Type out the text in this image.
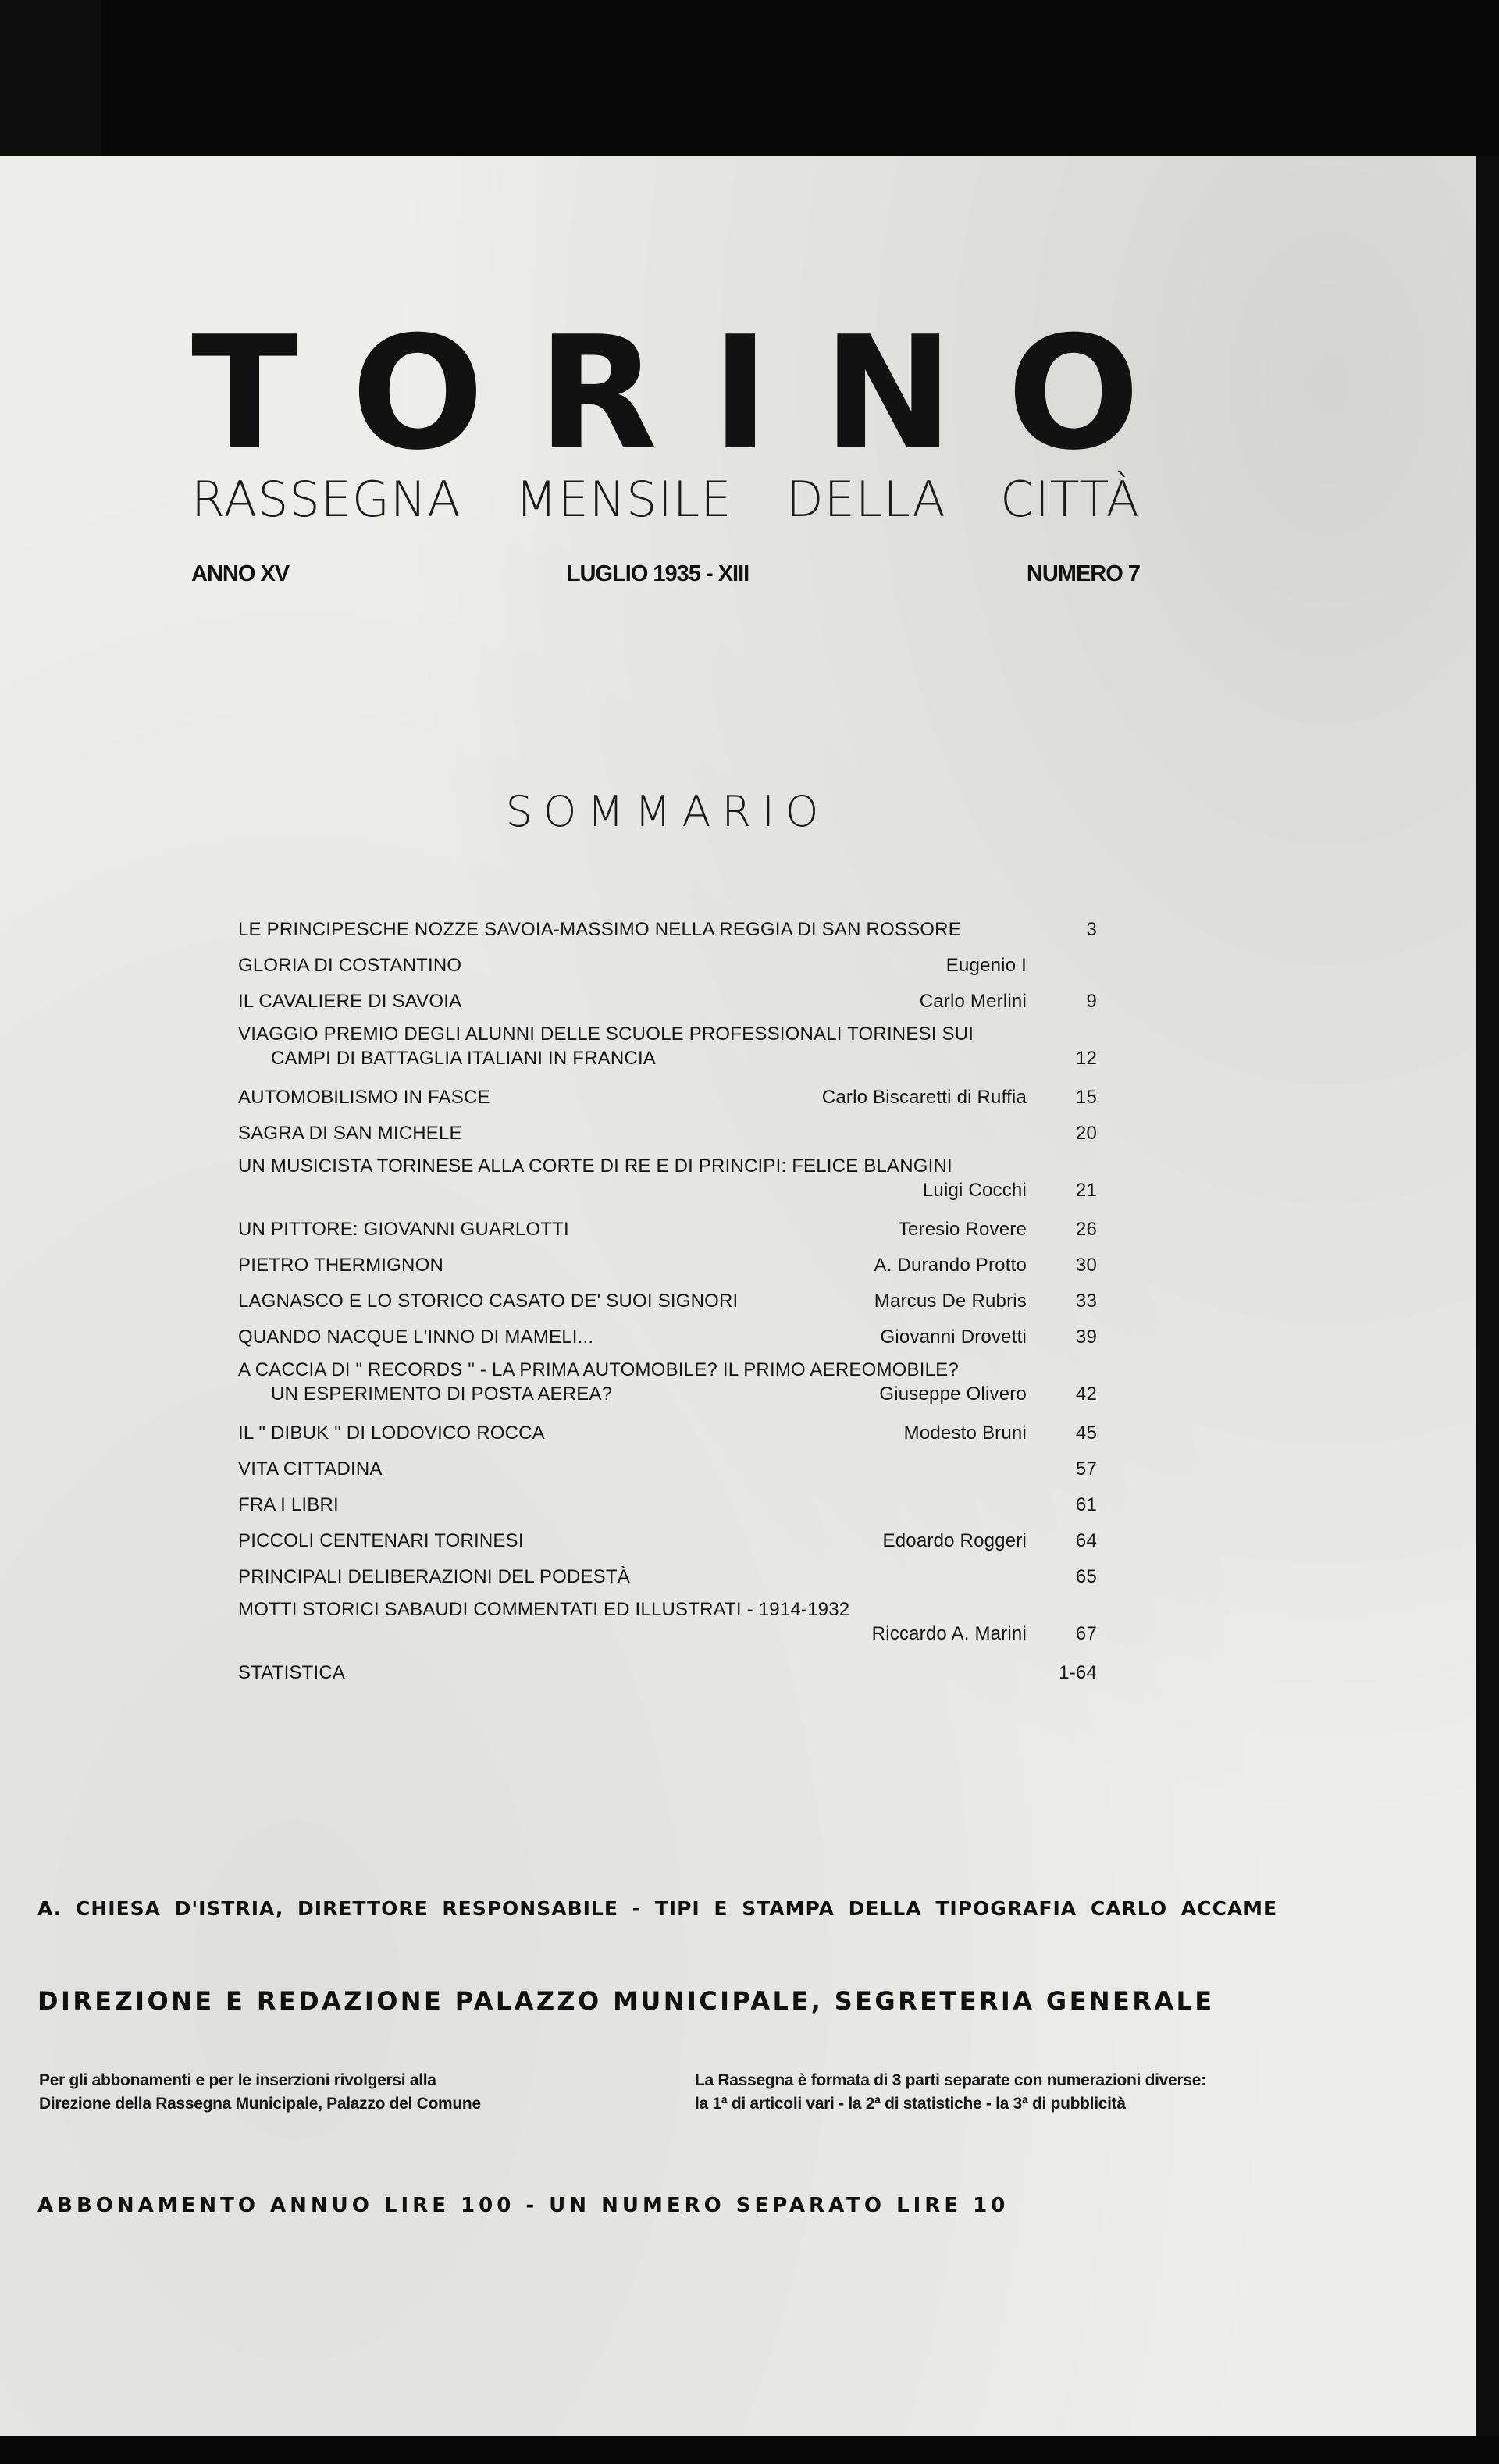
T O R I N O
RASSEGNA MENSILE DELLA CITTÀ
ANNO XV	LUGLIO 1935 - XIII	NUMERO 7
SOMMARIO
LE PRINCIPESCHE NOZZE SAVOIA-MASSIMO NELLA REGGIA DI SAN ROSSORE	3
GLORIA DI COSTANTINO	Eugenio I
IL CAVALIERE DI SAVOIA	Carlo Merlini	9
VIAGGIO PREMIO DEGLI ALUNNI DELLE SCUOLE PROFESSIONALI TORINESI SUI
CAMPI DI BATTAGLIA ITALIANI IN FRANCIA	12
AUTOMOBILISMO IN FASCE	Carlo Biscaretti di Ruffia	15
SAGRA DI SAN MICHELE	20
UN MUSICISTA TORINESE ALLA CORTE DI RE E DI PRINCIPI: FELICE BLANGINI
Luigi Cocchi	21
UN PITTORE: GIOVANNI GUARLOTTI	Teresio Rovere	26
PIETRO THERMIGNON	A. Durando Protto	30
LAGNASCO E LO STORICO CASATO DE' SUOI SIGNORI	Marcus De Rubris	33
QUANDO NACQUE L'INNO DI MAMELI...	Giovanni Drovetti	39
A CACCIA DI " RECORDS " - LA PRIMA AUTOMOBILE? IL PRIMO AEREOMOBILE?
UN ESPERIMENTO DI POSTA AEREA?	Giuseppe Olivero	42
IL " DIBUK " DI LODOVICO ROCCA	Modesto Bruni	45
VITA CITTADINA	57
FRA I LIBRI	61
PICCOLI CENTENARI TORINESI	Edoardo Roggeri	64
PRINCIPALI DELIBERAZIONI DEL PODESTÀ	65
MOTTI STORICI SABAUDI COMMENTATI ED ILLUSTRATI - 1914-1932
Riccardo A. Marini	67
STATISTICA	1-64
A. CHIESA D'ISTRIA, DIRETTORE RESPONSABILE - TIPI E STAMPA DELLA TIPOGRAFIA CARLO ACCAME
DIREZIONE E REDAZIONE PALAZZO MUNICIPALE, SEGRETERIA GENERALE
Per gli abbonamenti e per le inserzioni rivolgersi alla
Direzione della Rassegna Municipale, Palazzo del Comune
La Rassegna è formata di 3 parti separate con numerazioni diverse:
la 1ª di articoli vari - la 2ª di statistiche - la 3ª di pubblicità
ABBONAMENTO ANNUO LIRE 100 - UN NUMERO SEPARATO LIRE 10
